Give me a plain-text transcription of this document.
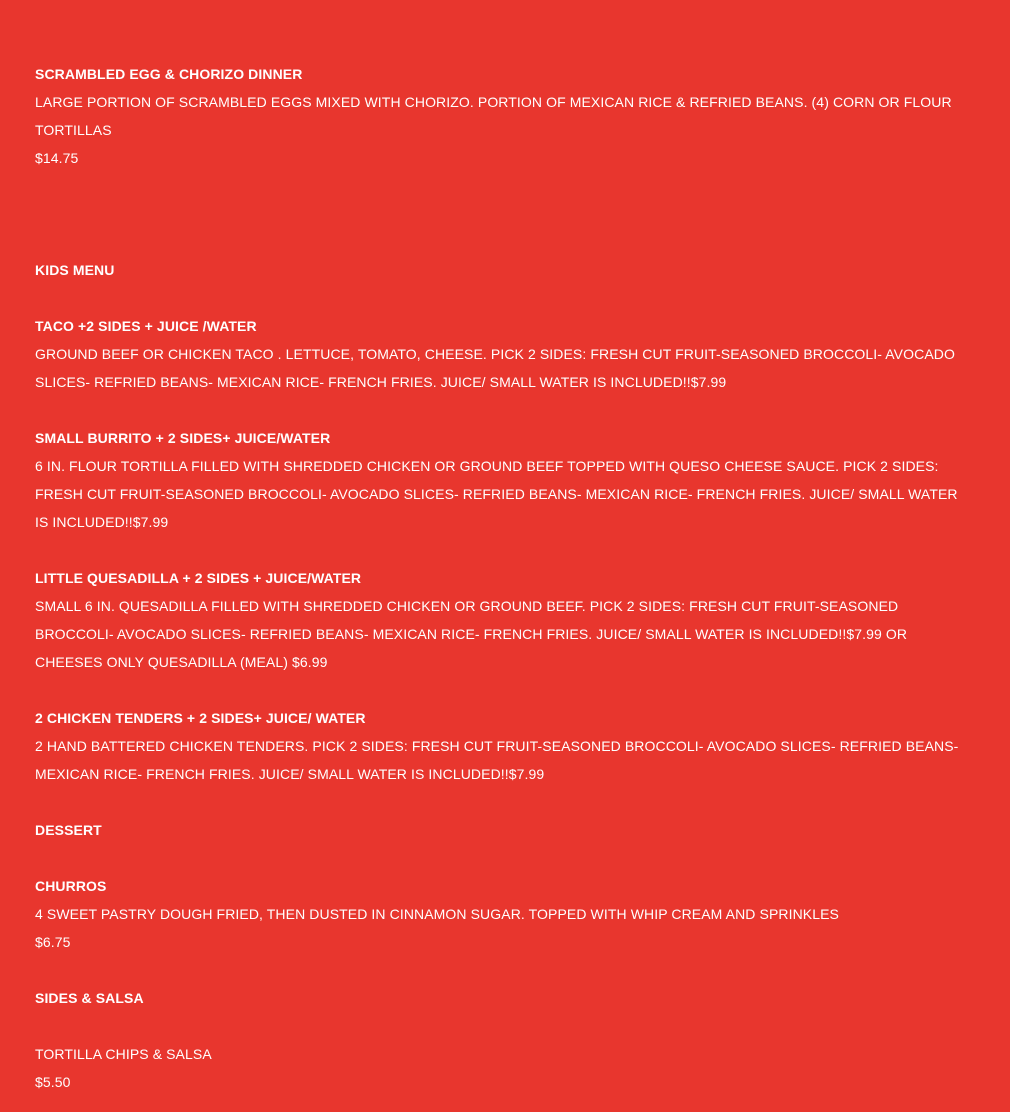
SCRAMBLED EGG & CHORIZO DINNER
LARGE PORTION OF SCRAMBLED EGGS MIXED WITH CHORIZO. PORTION OF MEXICAN RICE & REFRIED BEANS. (4) CORN OR FLOUR TORTILLAS
$14.75
KIDS MENU
TACO +2 SIDES + JUICE /WATER
GROUND BEEF OR CHICKEN TACO . LETTUCE, TOMATO, CHEESE. PICK 2 SIDES: FRESH CUT FRUIT-SEASONED BROCCOLI- AVOCADO SLICES- REFRIED BEANS- MEXICAN RICE- FRENCH FRIES. JUICE/ SMALL WATER IS INCLUDED!!$7.99
SMALL BURRITO + 2 SIDES+ JUICE/WATER
6 IN. FLOUR TORTILLA FILLED WITH SHREDDED CHICKEN OR GROUND BEEF TOPPED WITH QUESO CHEESE SAUCE. PICK 2 SIDES: FRESH CUT FRUIT-SEASONED BROCCOLI- AVOCADO SLICES- REFRIED BEANS- MEXICAN RICE- FRENCH FRIES. JUICE/ SMALL WATER IS INCLUDED!!$7.99
LITTLE QUESADILLA + 2 SIDES + JUICE/WATER
SMALL 6 IN. QUESADILLA FILLED WITH SHREDDED CHICKEN OR GROUND BEEF. PICK 2 SIDES: FRESH CUT FRUIT-SEASONED BROCCOLI- AVOCADO SLICES- REFRIED BEANS- MEXICAN RICE- FRENCH FRIES. JUICE/ SMALL WATER IS INCLUDED!!$7.99 OR CHEESES ONLY QUESADILLA (MEAL) $6.99
2 CHICKEN TENDERS + 2 SIDES+ JUICE/ WATER
2 HAND BATTERED CHICKEN TENDERS. PICK 2 SIDES: FRESH CUT FRUIT-SEASONED BROCCOLI- AVOCADO SLICES- REFRIED BEANS- MEXICAN RICE- FRENCH FRIES. JUICE/ SMALL WATER IS INCLUDED!!$7.99
DESSERT
CHURROS
4 SWEET PASTRY DOUGH FRIED, THEN DUSTED IN CINNAMON SUGAR. TOPPED WITH WHIP CREAM AND SPRINKLES
$6.75
SIDES & SALSA
TORTILLA CHIPS & SALSA
$5.50
